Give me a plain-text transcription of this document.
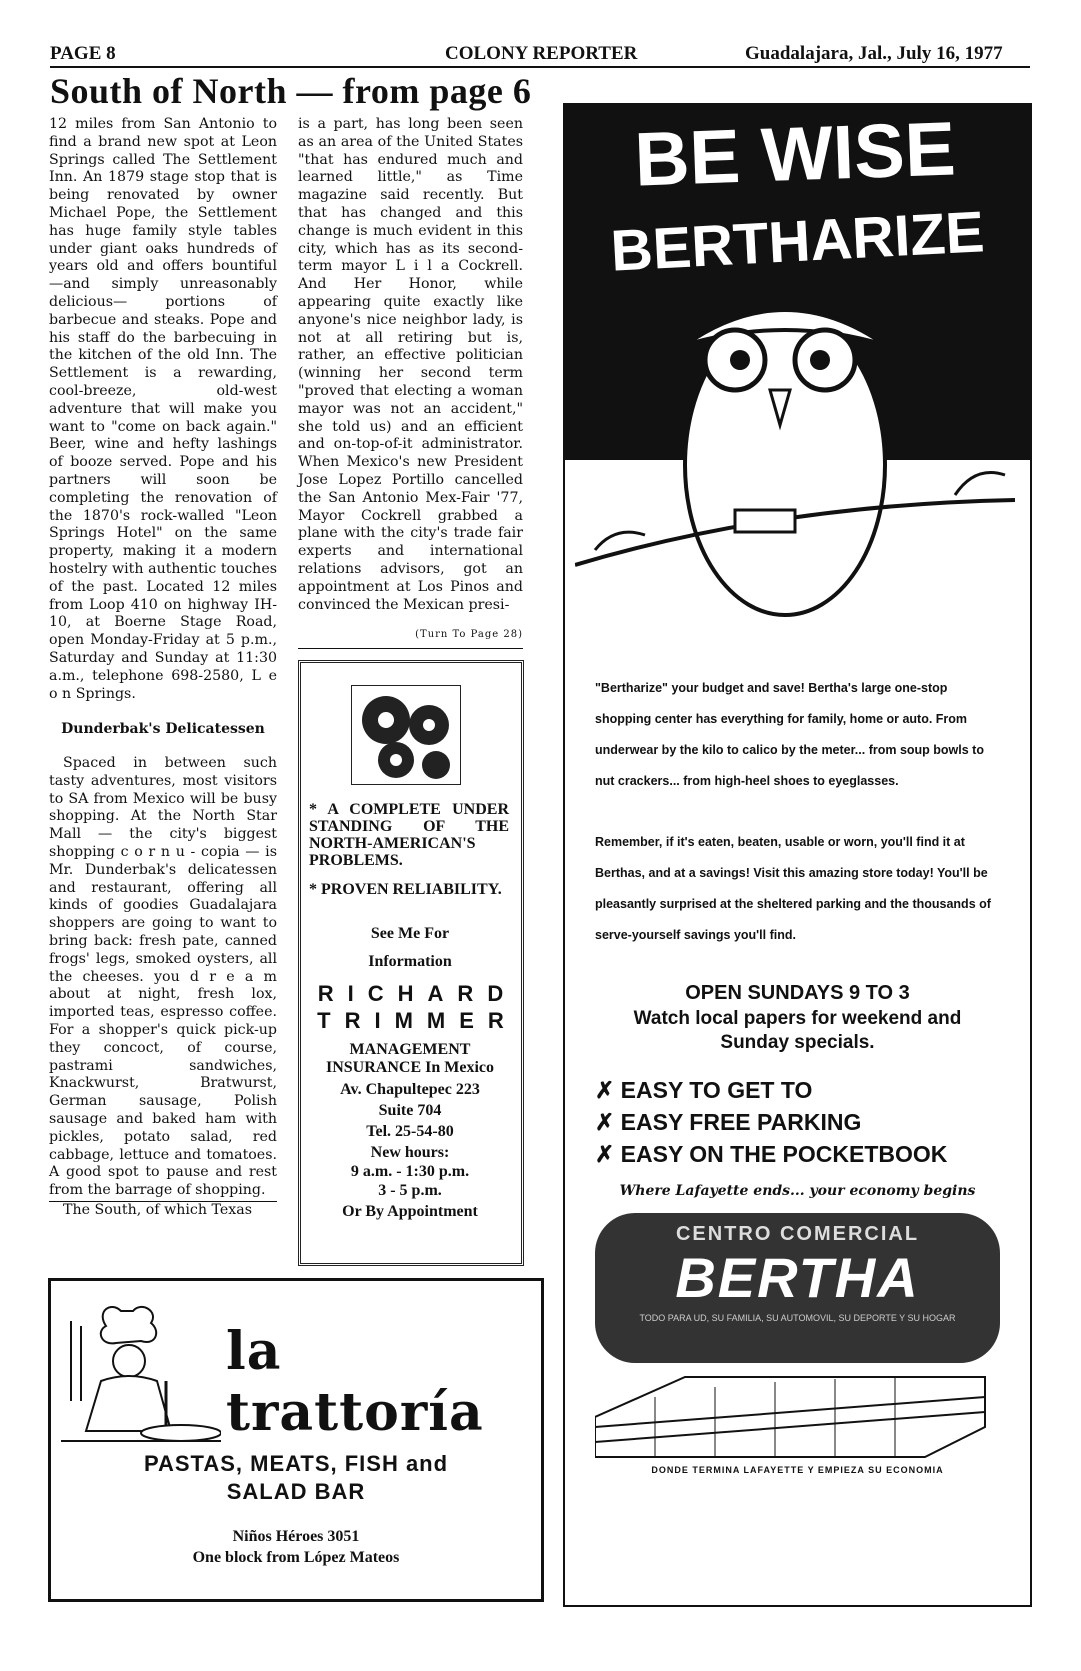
PAGE 8	COLONY REPORTER	Guadalajara, Jal., July 16, 1977
South of North — from page 6

12 miles from San Antonio to find a brand new spot at Leon Springs called The Settlement Inn. An 1879 stage stop that is being renovated by owner Michael Pope, the Settlement has huge family style tables under giant oaks hundreds of years old and offers bountiful —and simply unreasonably delicious— portions of barbecue and steaks. Pope and his staff do the barbecuing in the kitchen of the old Inn. The Settlement is a rewarding, cool-breeze, old-west adventure that will make you want to "come on back again." Beer, wine and hefty lashings of booze served. Pope and his partners will soon be completing the renovation of the 1870's rock-walled "Leon Springs Hotel" on the same property, making it a modern hostelry with authentic touches of the past. Located 12 miles from Loop 410 on highway IH-10, at Boerne Stage Road, open Monday-Friday at 5 p.m., Saturday and Sunday at 11:30 a.m., telephone 698-2580, L e o n Springs.

Dunderbak's Delicatessen

Spaced in between such tasty adventures, most visitors to SA from Mexico will be busy shopping. At the North Star Mall — the city's biggest shopping c o r n u - copia — is Mr. Dunderbak's delicatessen and restaurant, offering all kinds of goodies Guadalajara shoppers are going to want to bring back: fresh pate, canned frogs' legs, smoked oysters, all the cheeses. you d r e a m about at night, fresh lox, imported teas, espresso coffee. For a shopper's quick pick-up they concoct, of course, pastrami sandwiches, Knackwurst, Bratwurst, German sausage, Polish sausage and baked ham with pickles, potato salad, red cabbage, lettuce and tomatoes. A good spot to pause and rest from the barrage of shopping.

The South, of which Texas

is a part, has long been seen as an area of the United States "that has endured much and learned little," as Time magazine said recently. But that has changed and this change is much evident in this city, which has as its second-term mayor L i l a Cockrell. And Her Honor, while appearing quite exactly like anyone's nice neighbor lady, is not at all retiring but is, rather, an effective politician (winning her second term "proved that electing a woman mayor was not an accident," she told us) and an efficient and on-top-of-it administrator. When Mexico's new President Jose Lopez Portillo cancelled the San Antonio Mex-Fair '77, Mayor Cockrell grabbed a plane with the city's trade fair experts and international relations advisors, got an appointment at Los Pinos and convinced the Mexican presi-

(Turn To Page 28)
* A COMPLETE UNDER STANDING OF THE NORTH-AMERICAN'S PROBLEMS.
* PROVEN RELIABILITY.
See Me For
Information
RICHARD
TRIMMER
MANAGEMENT
INSURANCE In Mexico
Av. Chapultepec 223
Suite 704
Tel. 25-54-80
New hours:
9 a.m. - 1:30 p.m.
3 - 5 p.m.
Or By Appointment
la trattoría
PASTAS, MEATS, FISH and
SALAD BAR
Niños Héroes 3051
One block from López Mateos
BE WISE
BERTHARIZE
"Bertharize" your budget and save! Bertha's large one-stop shopping center has everything for family, home or auto. From underwear by the kilo to calico by the meter... from soup bowls to nut crackers... from high-heel shoes to eyeglasses.
Remember, if it's eaten, beaten, usable or worn, you'll find it at Berthas, and at a savings! Visit this amazing store today! You'll be pleasantly surprised at the sheltered parking and the thousands of serve-yourself savings you'll find.
OPEN SUNDAYS 9 TO 3
Watch local papers for weekend and Sunday specials.
✗ EASY TO GET TO
✗ EASY FREE PARKING
✗ EASY ON THE POCKETBOOK
Where Lafayette ends... your economy begins
CENTRO COMERCIAL
BERTHA
TODO PARA UD, SU FAMILIA, SU AUTOMOVIL, SU DEPORTE Y SU HOGAR
DONDE TERMINA LAFAYETTE Y EMPIEZA SU ECONOMIA
